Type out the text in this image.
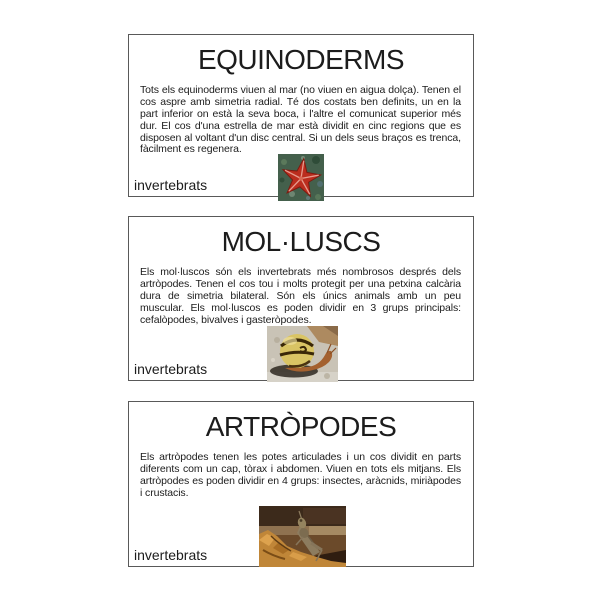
EQUINODERMS

Tots els equinoderms viuen al mar (no viuen en aigua dolça). Tenen el cos aspre amb simetria radial. Té dos costats ben definits, un en la part inferior on està la seva boca, i l'altre el comunicat superior més dur. El cos d'una estrella de mar està dividit en cinc regions que es disposen al voltant d'un disc central. Si un dels seus braços es trenca, fàcilment es regenera.

invertebrats
MOL·LUSCS

Els mol·luscos són els invertebrats més nombrosos després dels artròpodes. Tenen el cos tou i molts protegit per una petxina calcària dura de simetria bilateral. Són els únics animals amb un peu muscular. Els mol·luscos es poden dividir en 3 grups principals: cefalòpodes, bivalves i gasteròpodes.

invertebrats
ARTRÒPODES

Els artròpodes tenen les potes articulades i un cos dividit en parts diferents com un cap, tòrax i abdomen. Viuen en tots els mitjans. Els artròpodes es poden dividir en 4 grups: insectes, aràcnids, miriàpodes i crustacis.

invertebrats
